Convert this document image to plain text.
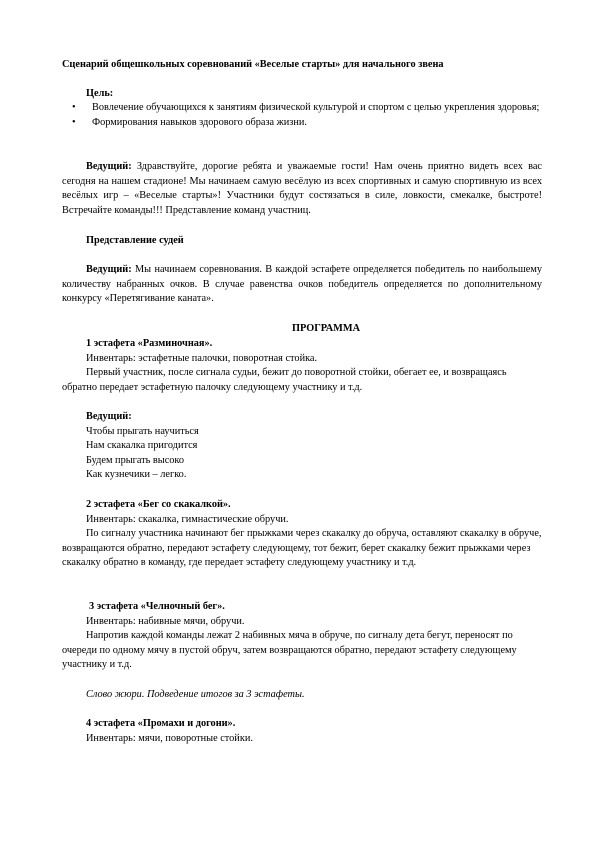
Сценарий общешкольных соревнований «Веселые старты» для начального звена

Цель:

• Вовлечение обучающихся к занятиям физической культурой и спортом с целью укрепления здоровья;
• Формирования навыков здорового образа жизни.

Ведущий: Здравствуйте, дорогие ребята и уважаемые гости! Нам очень приятно видеть всех вас сегодня на нашем стадионе! Мы начинаем самую весёлую из всех спортивных и самую спортивную из всех весёлых игр – «Веселые старты»! Участники будут состязаться в силе, ловкости, смекалке, быстроте! Встречайте команды!!! Представление команд участниц.

Представление судей

Ведущий: Мы начинаем соревнования. В каждой эстафете определяется победитель по наибольшему количеству набранных очков. В случае равенства очков победитель определяется по дополнительному конкурсу «Перетягивание каната».

ПРОГРАММА

1 эстафета «Разминочная».
Инвентарь: эстафетные палочки, поворотная стойка.
Первый участник, после сигнала судьи, бежит до поворотной стойки, обегает ее, и возвращаясь обратно передает эстафетную палочку следующему участнику и т.д.
Ведущий:
Чтобы прыгать научиться
Нам скакалка пригодится
Будем прыгать высоко
Как кузнечики – легко.
2 эстафета «Бег со скакалкой».
Инвентарь: скакалка, гимнастические обручи.
По сигналу участника начинают бег прыжками через скакалку до обруча, оставляют скакалку в обруче, возвращаются обратно, передают эстафету следующему, тот бежит, берет скакалку бежит прыжками через скакалку обратно в команду, где передает эстафету следующему участнику и т.д.
3 эстафета «Челночный бег».
Инвентарь: набивные мячи, обручи.
Напротив каждой команды лежат 2 набивных мяча в обруче, по сигналу дета бегут, переносят по очереди по одному мячу в пустой обруч, затем возвращаются обратно, передают эстафету следующему участнику и т.д.

Слово жюри. Подведение итогов за 3 эстафеты.

4 эстафета «Промахи и догони».
Инвентарь: мячи, поворотные стойки.
